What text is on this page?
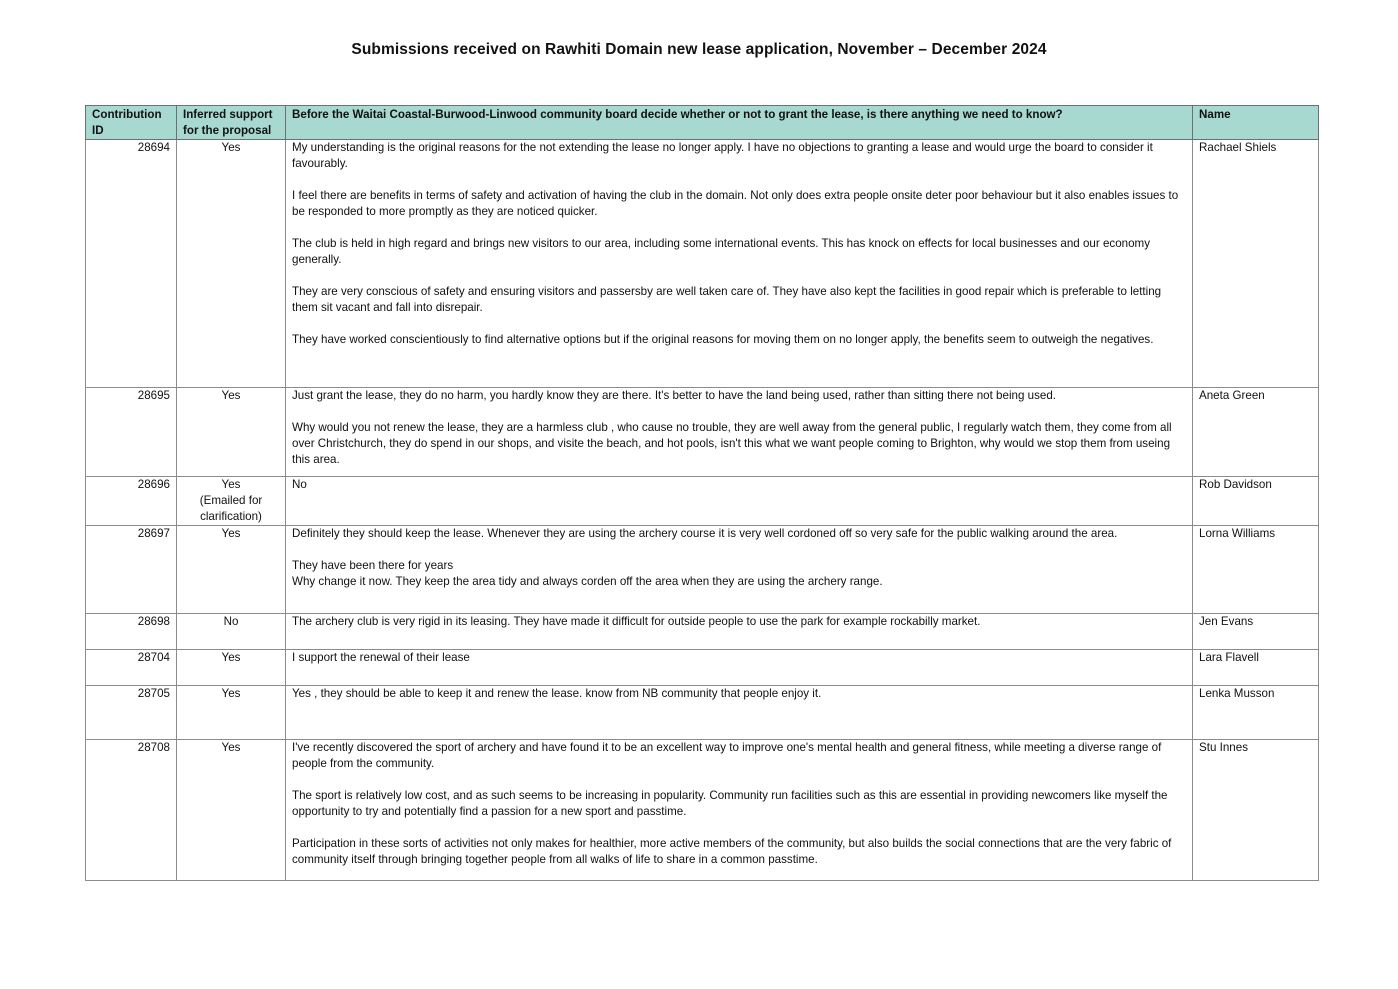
Submissions received on Rawhiti Domain new lease application, November – December 2024
Contribution ID	Inferred support for the proposal	Before the Waitai Coastal-Burwood-Linwood community board decide whether or not to grant the lease, is there anything we need to know?	Name
28694	Yes	My understanding is the original reasons for the not extending the lease no longer apply. I have no objections to granting a lease and would urge the board to consider it favourably.

I feel there are benefits in terms of safety and activation of having the club in the domain. Not only does extra people onsite deter poor behaviour but it also enables issues to be responded to more promptly as they are noticed quicker.

The club is held in high regard and brings new visitors to our area, including some international events. This has knock on effects for local businesses and our economy generally.

They are very conscious of safety and ensuring visitors and passersby are well taken care of. They have also kept the facilities in good repair which is preferable to letting them sit vacant and fall into disrepair.

They have worked conscientiously to find alternative options but if the original reasons for moving them on no longer apply, the benefits seem to outweigh the negatives.	Rachael Shiels
28695	Yes	Just grant the lease, they do no harm, you hardly know they are there. It's better to have the land being used, rather than sitting there not being used.

Why would you not renew the lease, they are a harmless club , who cause no trouble, they are well away from the general public, I regularly watch them, they come from all over Christchurch, they do spend in our shops, and visite the beach, and hot pools, isn't this what we want people coming to Brighton, why would we stop them from useing this area.	Aneta Green
28696	Yes
(Emailed for clarification)	No	Rob Davidson
28697	Yes	Definitely they should keep the lease. Whenever they are using the archery course it is very well cordoned off so very safe for the public walking around the area.

They have been there for years

Why change it now. They keep the area tidy and always corden off the area when they are using the archery range.	Lorna Williams
28698	No	The archery club is very rigid in its leasing. They have made it difficult for outside people to use the park for example rockabilly market.	Jen Evans
28704	Yes	I support the renewal of their lease	Lara Flavell
28705	Yes	Yes , they should be able to keep it and renew the lease. know from NB community that people enjoy it.	Lenka Musson
28708	Yes	I've recently discovered the sport of archery and have found it to be an excellent way to improve one's mental health and general fitness, while meeting a diverse range of people from the community.

The sport is relatively low cost, and as such seems to be increasing in popularity. Community run facilities such as this are essential in providing newcomers like myself the opportunity to try and potentially find a passion for a new sport and passtime.

Participation in these sorts of activities not only makes for healthier, more active members of the community, but also builds the social connections that are the very fabric of community itself through bringing together people from all walks of life to share in a common passtime.	Stu Innes
